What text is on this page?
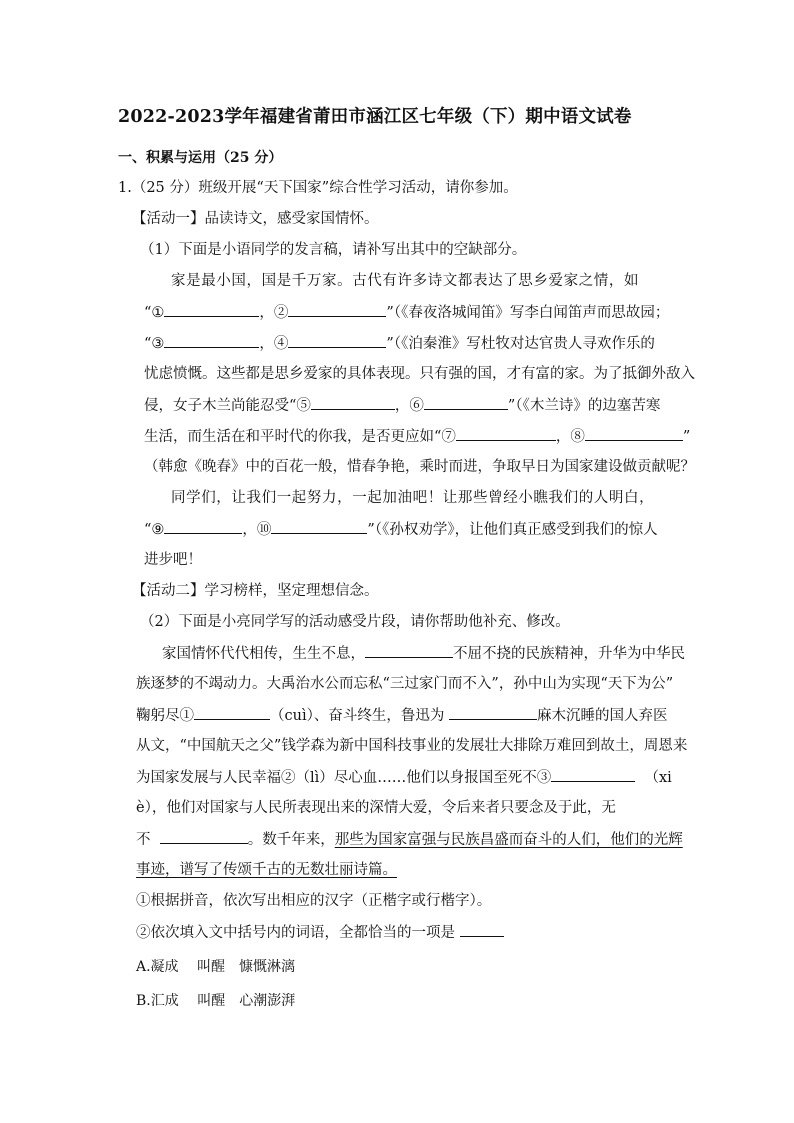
2022-2023学年福建省莆田市涵江区七年级（下）期中语文试卷
一、积累与运用（25 分）
1.（25 分）班级开展“天下国家”综合性学习活动，请你参加。
【活动一】品读诗文，感受家国情怀。
（1）下面是小语同学的发言稿，请补写出其中的空缺部分。
家是最小国，国是千万家。古代有许多诗文都表达了思乡爱家之情，如
“①	，②	”（《春夜洛城闻笛》写李白闻笛声而思故园；
“③	，④	”（《泊秦淮》写杜牧对达官贵人寻欢作乐的
忧虑愤慨。这些都是思乡爱家的具体表现。只有强的国，才有富的家。为了抵御外敌入
侵，女子木兰尚能忍受“⑤	，⑥	”（《木兰诗》的边塞苦寒
生活，而生活在和平时代的你我，是否更应如“⑦	，⑧	”
（韩愈《晚春》中的百花一般，惜春争艳，乘时而进，争取早日为国家建设做贡献呢？
同学们，让我们一起努力，一起加油吧！让那些曾经小瞧我们的人明白，
“⑨	，⑩	”（《孙权劝学》，让他们真正感受到我们的惊人
进步吧！
【活动二】学习榜样，坚定理想信念。
（2）下面是小亮同学写的活动感受片段，请你帮助他补充、修改。
家国情怀代代相传，生生不息，	不屈不挠的民族精神，升华为中华民
族逐梦的不竭动力。大禹治水公而忘私“三过家门而不入”，孙中山为实现“天下为公”
鞠躬尽①	（cuì）、奋斗终生，鲁迅为	麻木沉睡的国人弃医
从文，“中国航天之父”钱学森为新中国科技事业的发展壮大排除万难回到故土，周恩来
为国家发展与人民幸福②（lì）尽心血……他们以身报国至死不③	（xi
è），他们对国家与人民所表现出来的深情大爱，令后来者只要念及于此，无
不	。数千年来，那些为国家富强与民族昌盛而奋斗的人们，他们的光辉
事迹，谱写了传颂千古的无数壮丽诗篇。
①根据拼音，依次写出相应的汉字（正楷字或行楷字）。
②依次填入文中括号内的词语，全都恰当的一项是
A.凝成　 叫醒　慷慨淋漓
B.汇成　 叫醒　心潮澎湃
